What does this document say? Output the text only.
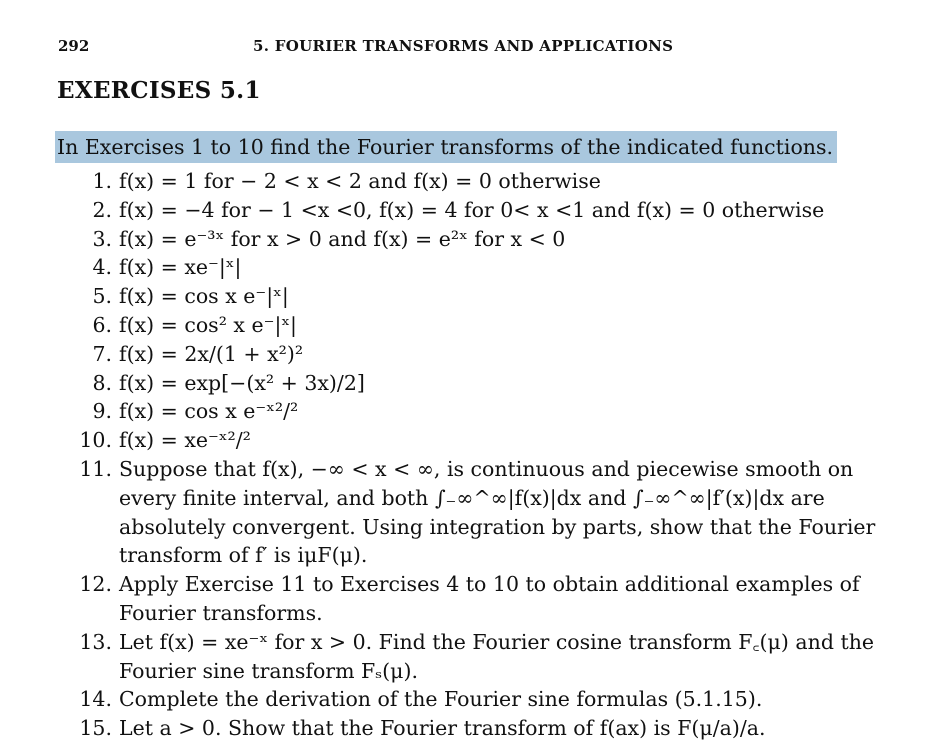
292	5. FOURIER TRANSFORMS AND APPLICATIONS
EXERCISES 5.1
In Exercises 1 to 10 find the Fourier transforms of the indicated functions.
1. f(x) = 1 for − 2 < x < 2 and f(x) = 0 otherwise
2. f(x) = −4 for − 1 <x <0, f(x) = 4 for 0< x <1 and f(x) = 0 otherwise
3. f(x) = e⁻³ˣ for x > 0 and f(x) = e²ˣ for x < 0
4. f(x) = xe⁻|ˣ|
5. f(x) = cos x e⁻|ˣ|
6. f(x) = cos² x e⁻|ˣ|
7. f(x) = 2x/(1 + x²)²
8. f(x) = exp[−(x² + 3x)/2]
9. f(x) = cos x e⁻ˣ²/²
10. f(x) = xe⁻ˣ²/²
11. Suppose that f(x), −∞ < x < ∞, is continuous and piecewise smooth on every finite interval, and both ∫₋∞^∞|f(x)|dx and ∫₋∞^∞|f′(x)|dx are absolutely convergent. Using integration by parts, show that the Fourier transform of f′ is iμF(μ).
12. Apply Exercise 11 to Exercises 4 to 10 to obtain additional examples of Fourier transforms.
13. Let f(x) = xe⁻ˣ for x > 0. Find the Fourier cosine transform F꜀(μ) and the Fourier sine transform Fₛ(μ).
14. Complete the derivation of the Fourier sine formulas (5.1.15).
15. Let a > 0. Show that the Fourier transform of f(ax) is F(μ/a)/a.
